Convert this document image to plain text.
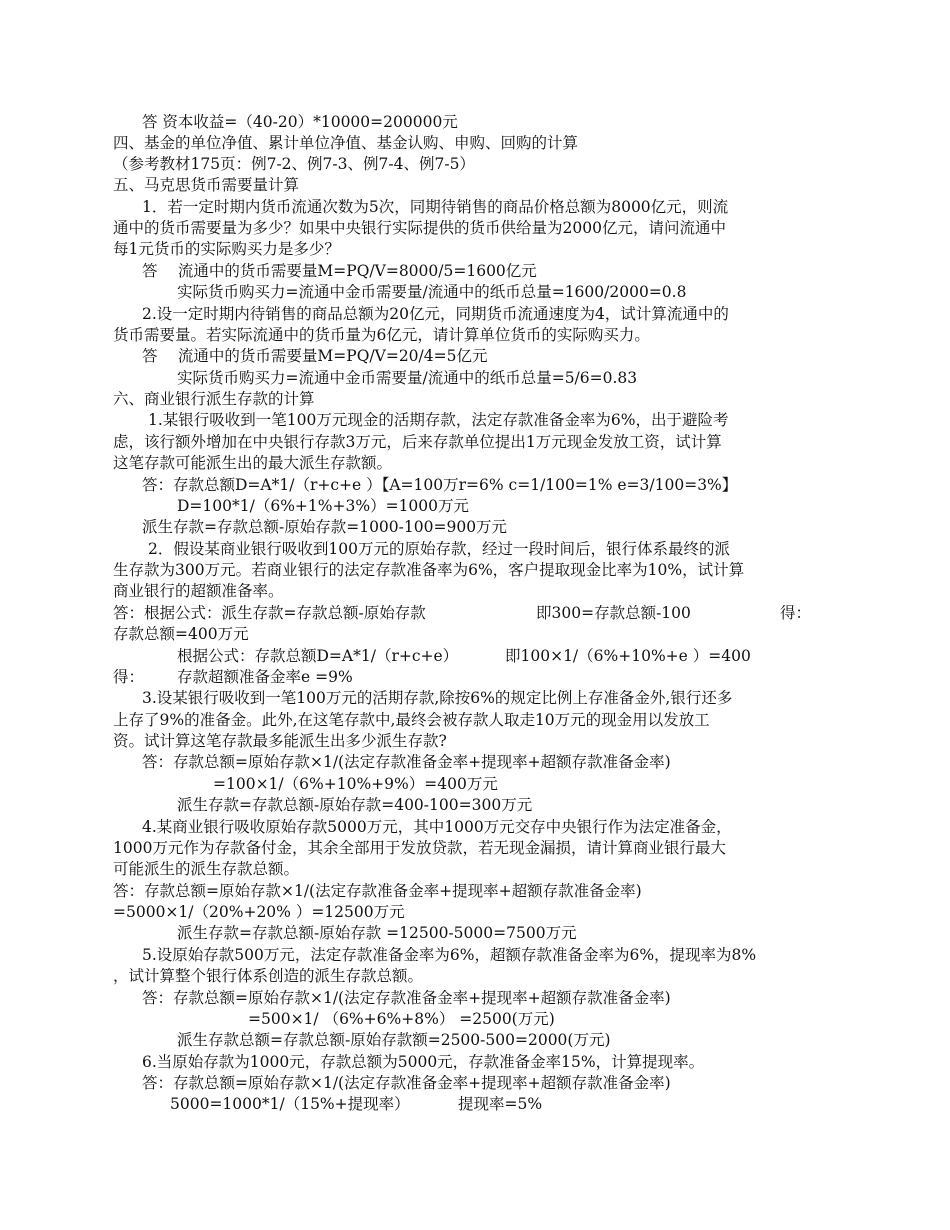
答 资本收益=（40-20）*10000=200000元
四、基金的单位净值、累计单位净值、基金认购、申购、回购的计算
（参考教材175页：例7-2、例7-3、例7-4、例7-5）
五、马克思货币需要量计算
1．若一定时期内货币流通次数为5次，同期待销售的商品价格总额为8000亿元，则流
通中的货币需要量为多少？如果中央银行实际提供的货币供给量为2000亿元，请问流通中
每1元货币的实际购买力是多少？
答　 流通中的货币需要量M=PQ/V=8000/5=1600亿元
实际货币购买力=流通中金币需要量/流通中的纸币总量=1600/2000=0.8
2.设一定时期内待销售的商品总额为20亿元，同期货币流通速度为4，试计算流通中的
货币需要量。若实际流通中的货币量为6亿元，请计算单位货币的实际购买力。
答　 流通中的货币需要量M=PQ/V=20/4=5亿元
实际货币购买力=流通中金币需要量/流通中的纸币总量=5/6=0.83
六、商业银行派生存款的计算
1.某银行吸收到一笔100万元现金的活期存款，法定存款准备金率为6%，出于避险考
虑，该行额外增加在中央银行存款3万元，后来存款单位提出1万元现金发放工资，试计算
这笔存款可能派生出的最大派生存款额。
答：存款总额D=A*1/（r+c+e ）【A=100万r=6% c=1/100=1% e=3/100=3%】
D=100*1/（6%+1%+3%）=1000万元
派生存款=存款总额-原始存款=1000-100=900万元
2．假设某商业银行吸收到100万元的原始存款，经过一段时间后，银行体系最终的派
生存款为300万元。若商业银行的法定存款准备率为6%，客户提取现金比率为10%，试计算
商业银行的超额准备率。
答：根据公式：派生存款=存款总额-原始存款	即300=存款总额-100	得：
存款总额=400万元
根据公式：存款总额D=A*1/（r+c+e）	即100×1/（6%+10%+e ）=400
得： 存款超额准备金率e =9%
3.设某银行吸收到一笔100万元的活期存款,除按6%的规定比例上存准备金外,银行还多
上存了9%的准备金。此外,在这笔存款中,最终会被存款人取走10万元的现金用以发放工
资。试计算这笔存款最多能派生出多少派生存款?
答：存款总额=原始存款×1/(法定存款准备金率+提现率+超额存款准备金率)
=100×1/（6%+10%+9%）=400万元
派生存款=存款总额-原始存款=400-100=300万元
4.某商业银行吸收原始存款5000万元，其中1000万元交存中央银行作为法定准备金，
1000万元作为存款备付金，其余全部用于发放贷款，若无现金漏损，请计算商业银行最大
可能派生的派生存款总额。
答：存款总额=原始存款×1/(法定存款准备金率+提现率+超额存款准备金率)
=5000×1/（20%+20% ）=12500万元
派生存款=存款总额-原始存款 =12500-5000=7500万元
5.设原始存款500万元，法定存款准备金率为6%，超额存款准备金率为6%，提现率为8%
，试计算整个银行体系创造的派生存款总额。
答：存款总额=原始存款×1/(法定存款准备金率+提现率+超额存款准备金率)
=500×1/ （6%+6%+8%） =2500(万元)
派生存款总额=存款总额-原始存款额=2500-500=2000(万元)
6.当原始存款为1000元，存款总额为5000元，存款准备金率15%，计算提现率。
答：存款总额=原始存款×1/(法定存款准备金率+提现率+超额存款准备金率)
5000=1000*1/（15%+提现率）	提现率=5%
